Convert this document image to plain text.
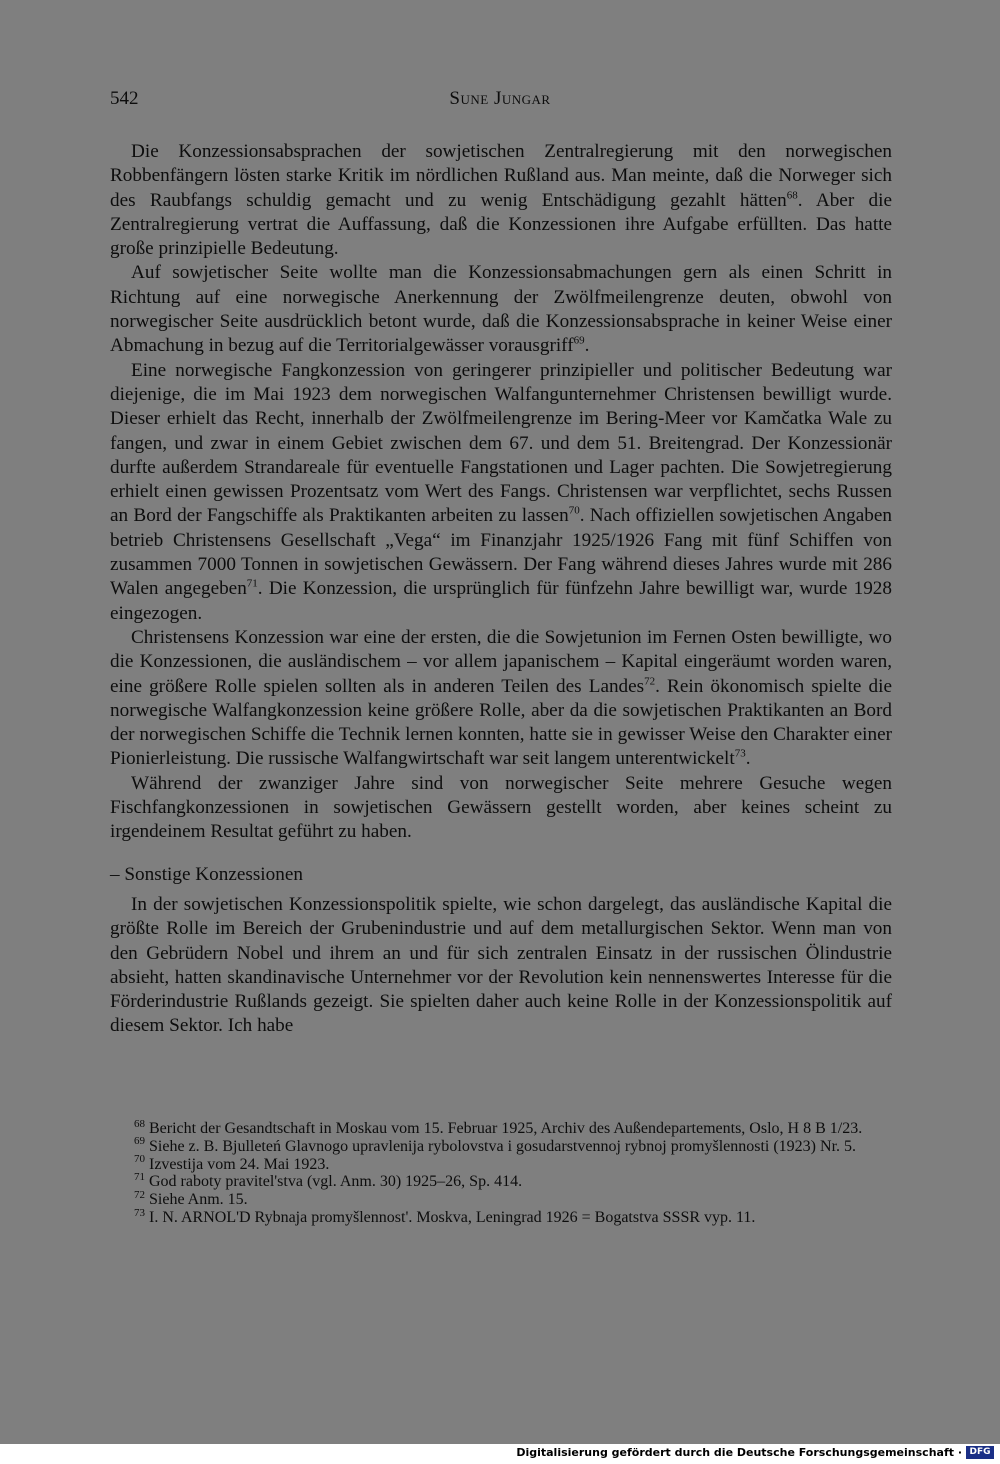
542	Sune Jungar

Die Konzessionsabsprachen der sowjetischen Zentralregierung mit den norwegischen Robbenfängern lösten starke Kritik im nördlichen Rußland aus. Man meinte, daß die Norweger sich des Raubfangs schuldig gemacht und zu wenig Entschädigung gezahlt hätten$^{68}$. Aber die Zentralregierung vertrat die Auffassung, daß die Konzessionen ihre Aufgabe erfüllten. Das hatte große prinzipielle Bedeutung.

Auf sowjetischer Seite wollte man die Konzessionsabmachungen gern als einen Schritt in Richtung auf eine norwegische Anerkennung der Zwölfmeilengrenze deuten, obwohl von norwegischer Seite ausdrücklich betont wurde, daß die Konzessionsabsprache in keiner Weise einer Abmachung in bezug auf die Territorialgewässer vorausgriff$^{69}$.

Eine norwegische Fangkonzession von geringerer prinzipieller und politischer Bedeutung war diejenige, die im Mai 1923 dem norwegischen Walfangunternehmer Christensen bewilligt wurde. Dieser erhielt das Recht, innerhalb der Zwölfmeilengrenze im Bering-Meer vor Kamčatka Wale zu fangen, und zwar in einem Gebiet zwischen dem 67. und dem 51. Breitengrad. Der Konzessionär durfte außerdem Strandareale für eventuelle Fangstationen und Lager pachten. Die Sowjetregierung erhielt einen gewissen Prozentsatz vom Wert des Fangs. Christensen war verpflichtet, sechs Russen an Bord der Fangschiffe als Praktikanten arbeiten zu lassen$^{70}$. Nach offiziellen sowjetischen Angaben betrieb Christensens Gesellschaft „Vega“ im Finanzjahr 1925/1926 Fang mit fünf Schiffen von zusammen 7000 Tonnen in sowjetischen Gewässern. Der Fang während dieses Jahres wurde mit 286 Walen angegeben$^{71}$. Die Konzession, die ursprünglich für fünfzehn Jahre bewilligt war, wurde 1928 eingezogen.

Christensens Konzession war eine der ersten, die die Sowjetunion im Fernen Osten bewilligte, wo die Konzessionen, die ausländischem – vor allem japanischem – Kapital eingeräumt worden waren, eine größere Rolle spielen sollten als in anderen Teilen des Landes$^{72}$. Rein ökonomisch spielte die norwegische Walfangkonzession keine größere Rolle, aber da die sowjetischen Praktikanten an Bord der norwegischen Schiffe die Technik lernen konnten, hatte sie in gewisser Weise den Charakter einer Pionierleistung. Die russische Walfangwirtschaft war seit langem unterentwickelt$^{73}$.

Während der zwanziger Jahre sind von norwegischer Seite mehrere Gesuche wegen Fischfangkonzessionen in sowjetischen Gewässern gestellt worden, aber keines scheint zu irgendeinem Resultat geführt zu haben.

– Sonstige Konzessionen

In der sowjetischen Konzessionspolitik spielte, wie schon dargelegt, das ausländische Kapital die größte Rolle im Bereich der Grubenindustrie und auf dem metallurgischen Sektor. Wenn man von den Gebrüdern Nobel und ihrem an und für sich zentralen Einsatz in der russischen Ölindustrie absieht, hatten skandinavische Unternehmer vor der Revolution kein nennenswertes Interesse für die Förderindustrie Rußlands gezeigt. Sie spielten daher auch keine Rolle in der Konzessionspolitik auf diesem Sektor. Ich habe

$^{68}$ Bericht der Gesandtschaft in Moskau vom 15. Februar 1925, Archiv des Außendepartements, Oslo, H 8 B 1/23.

$^{69}$ Siehe z. B. Bjulleteń Glavnogo upravlenija rybolovstva i gosudarstvennoj rybnoj promyšlennosti (1923) Nr. 5.

$^{70}$ Izvestija vom 24. Mai 1923.

$^{71}$ God raboty pravitel'stva (vgl. Anm. 30) 1925–26, Sp. 414.

$^{72}$ Siehe Anm. 15.

$^{73}$ I. N. ARNOL'D Rybnaja promyšlennost'. Moskva, Leningrad 1926 = Bogatstva SSSR vyp. 11.

Digitalisierung gefördert durch die Deutsche Forschungsgemeinschaft · DFG
